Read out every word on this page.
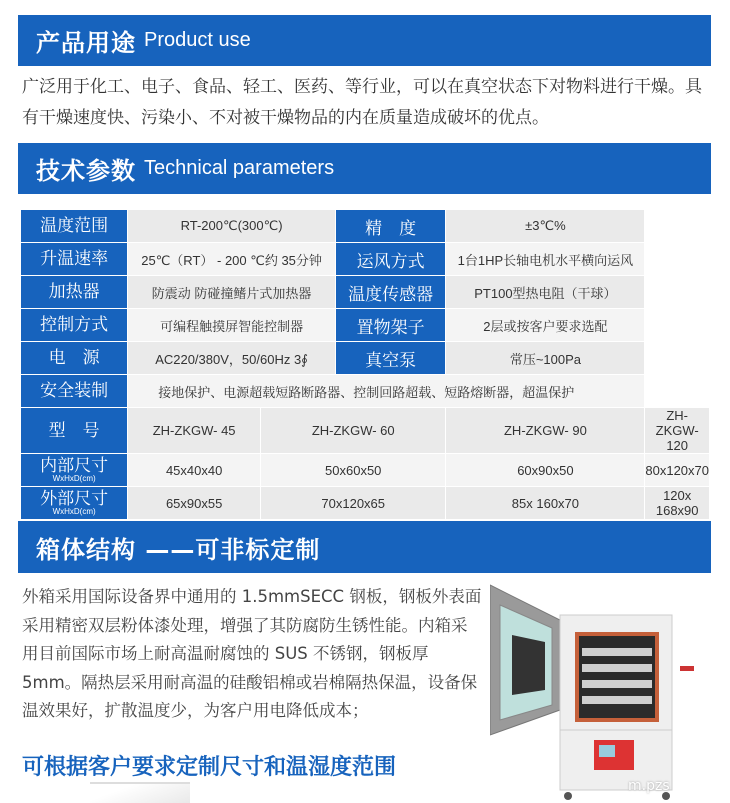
产品用途 Product use
广泛用于化工、电子、食品、轻工、医药、等行业，可以在真空状态下对物料进行干燥。具有干燥速度快、污染小、不对被干燥物品的内在质量造成破坏的优点。
技术参数 Technical parameters
温度范围	RT-200℃(300℃)		精　度	±3℃%	
升温速率	25℃（RT） - 200 ℃约 35分钟		运风方式	1台1HP长轴电机水平横向运风	
加热器	防震动 防碰撞鳍片式加热器		温度传感器	PT100型热电阻（干球）	
控制方式	可编程触摸屏智能控制器		置物架子	2层或按客户要求选配	
电　源	AC220/380V，50/60Hz 3∮		真空泵	常压~100Pa	
安全装制	接地保护、电源超载短路断路器、控制回路超载、短路熔断器，超温保护				
型　号	ZH-ZKGW- 45	ZH-ZKGW- 60		ZH-ZKGW- 90	ZH-ZKGW- 120
内部尺寸
WxHxD(cm)	45x40x40	50x60x50		60x90x50	80x120x70
外部尺寸
WxHxD(cm)	65x90x55	70x120x65		85x 160x70	120x 168x90
箱体结构 ——可非标定制
外箱采用国际设备界中通用的 1.5mmSECC 钢板，钢板外表面采用精密双层粉体漆处理，增强了其防腐防生锈性能。内箱采用目前国际市场上耐高温耐腐蚀的 SUS 不锈钢，钢板厚 5mm。隔热层采用耐高温的硅酸铝棉或岩棉隔热保温，设备保温效果好，扩散温度少，为客户用电降低成本；
可根据客户要求定制尺寸和温湿度范围
m.pzs
